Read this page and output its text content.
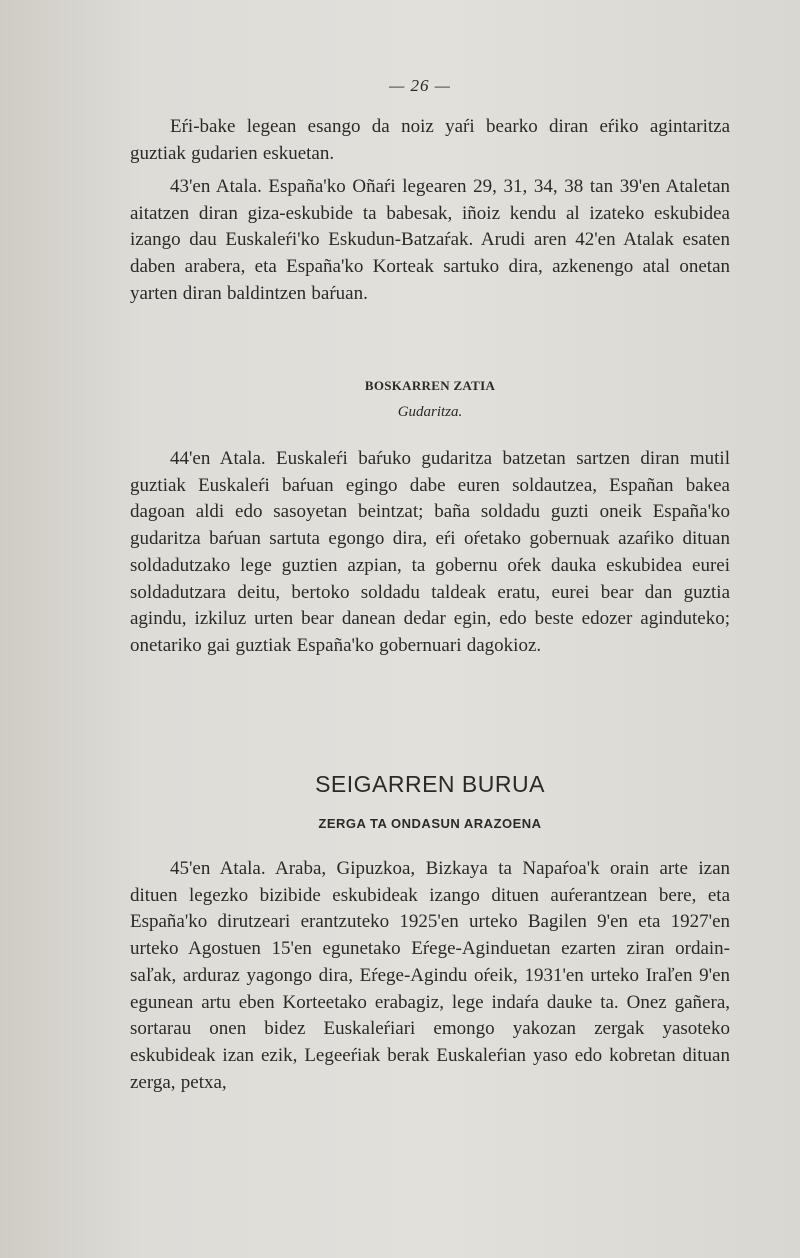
— 26 —

Eŕi-bake legean esango da noiz yaŕi bearko diran eŕiko agintaritza guztiak gudarien eskuetan.

43'en Atala. España'ko Oñaŕi legearen 29, 31, 34, 38 tan 39'en Ataletan aitatzen diran giza-eskubide ta babesak, iñoiz kendu al izateko eskubidea izango dau Euskaleŕi'ko Eskudun-Batzaŕak. Arudi aren 42'en Atalak esaten daben arabera, eta España'ko Korteak sartuko dira, azkenengo atal onetan yarten diran baldintzen baŕuan.

BOSKARREN ZATIA
Gudaritza.

44'en Atala. Euskaleŕi baŕuko gudaritza batzetan sartzen diran mutil guztiak Euskaleŕi baŕuan egingo dabe euren soldautzea, Españan bakea dagoan aldi edo sasoyetan beintzat; baña soldadu guzti oneik España'ko gudaritza baŕuan sartuta egongo dira, eŕi oŕetako gobernuak azaŕiko dituan soldadutzako lege guztien azpian, ta gobernu oŕek dauka eskubidea eurei soldadutzara deitu, bertoko soldadu taldeak eratu, eurei bear dan guztia agindu, izkiluz urten bear danean dedar egin, edo beste edozer aginduteko; onetariko gai guztiak España'ko gobernuari dagokioz.

SEIGARREN BURUA
ZERGA TA ONDASUN ARAZOENA

45'en Atala. Araba, Gipuzkoa, Bizkaya ta Napaŕoa'k orain arte izan dituen legezko bizibide eskubideak izango dituen auŕerantzean bere, eta España'ko dirutzeari erantzuteko 1925'en urteko Bagilen 9'en eta 1927'en urteko Agostuen 15'en egunetako Eŕege-Aginduetan ezarten ziran ordain-saľak, arduraz yagongo dira, Eŕege-Agindu oŕeik, 1931'en urteko Iraľen 9'en egunean artu eben Korteetako erabagiz, lege indaŕa dauke ta. Onez gañera, sortarau onen bidez Euskaleŕiari emongo yakozan zergak yasoteko eskubideak izan ezik, Legeeŕiak berak Euskaleŕian yaso edo kobretan dituan zerga, petxa,
